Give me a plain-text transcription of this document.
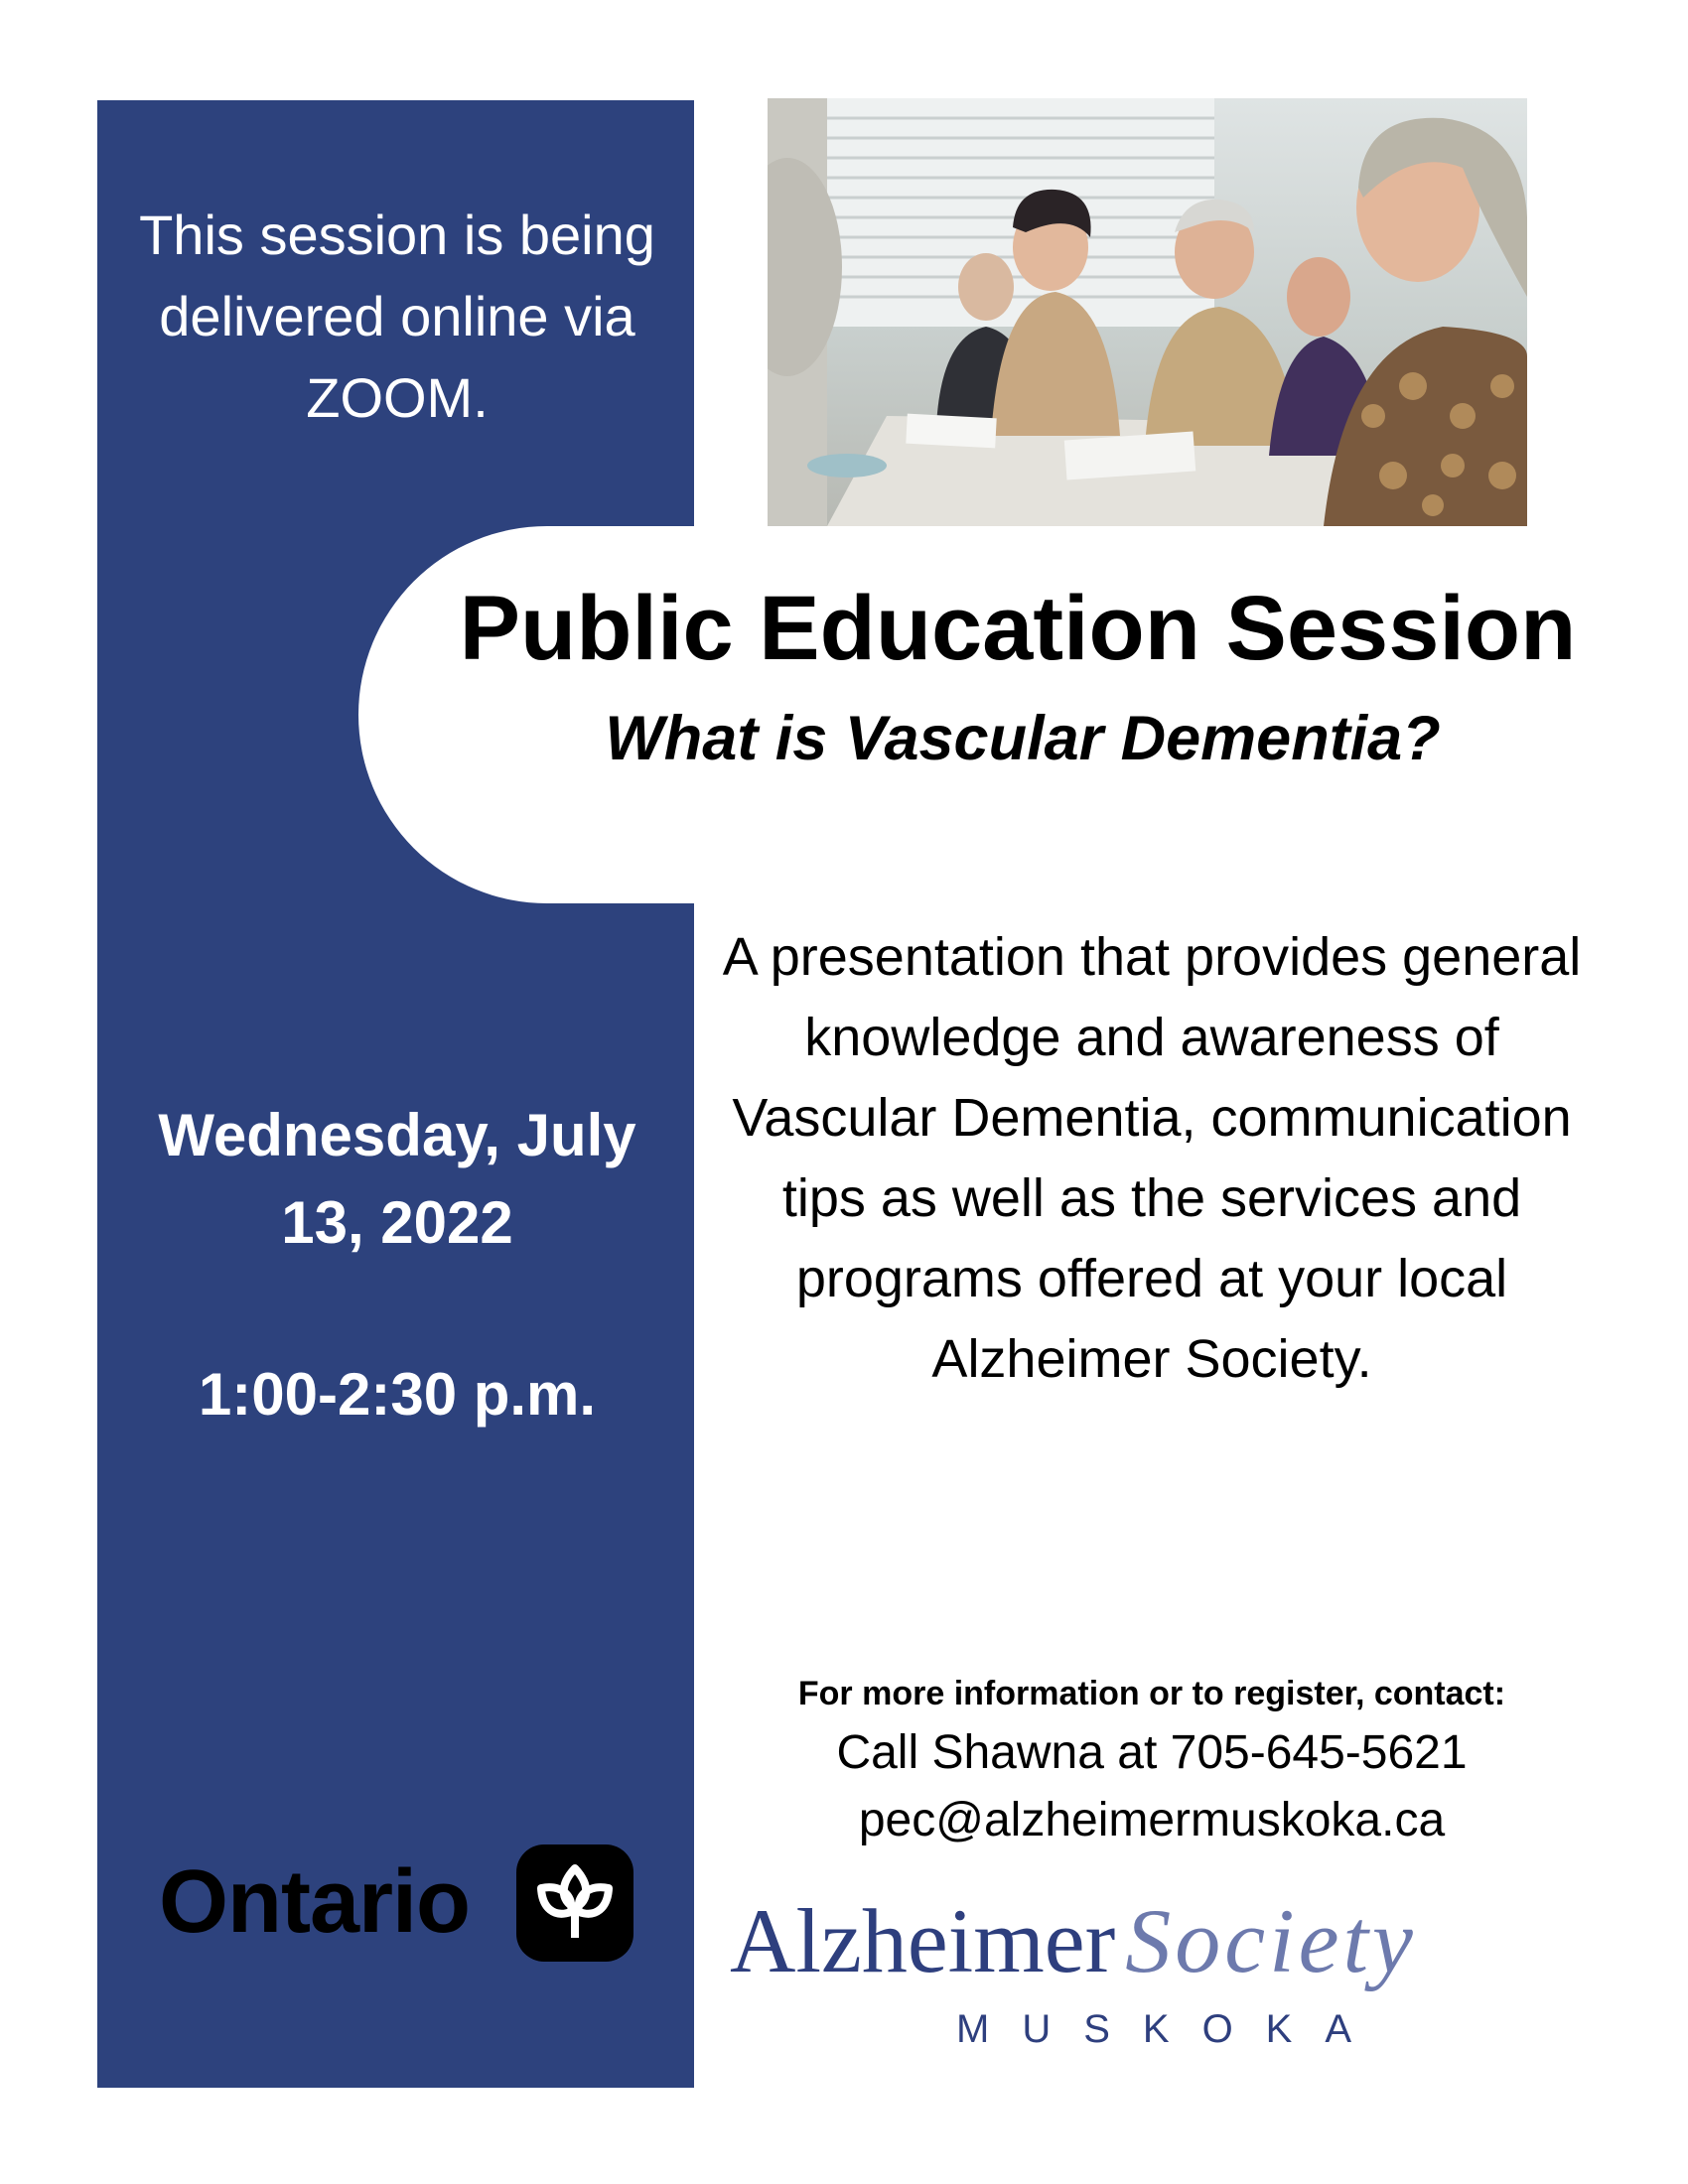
This session is being delivered online via ZOOM.

Wednesday, July 13, 2022

1:00-2:30 p.m.

Public Education Session
What is Vascular Dementia?

A presentation that provides general knowledge and awareness of Vascular Dementia, communication tips as well as the services and programs offered at your local Alzheimer Society.

For more information or to register, contact:

Call Shawna at 705-645-5621

pec@alzheimermuskoka.ca

Ontario	Alzheimer Society
MUSKOKA
